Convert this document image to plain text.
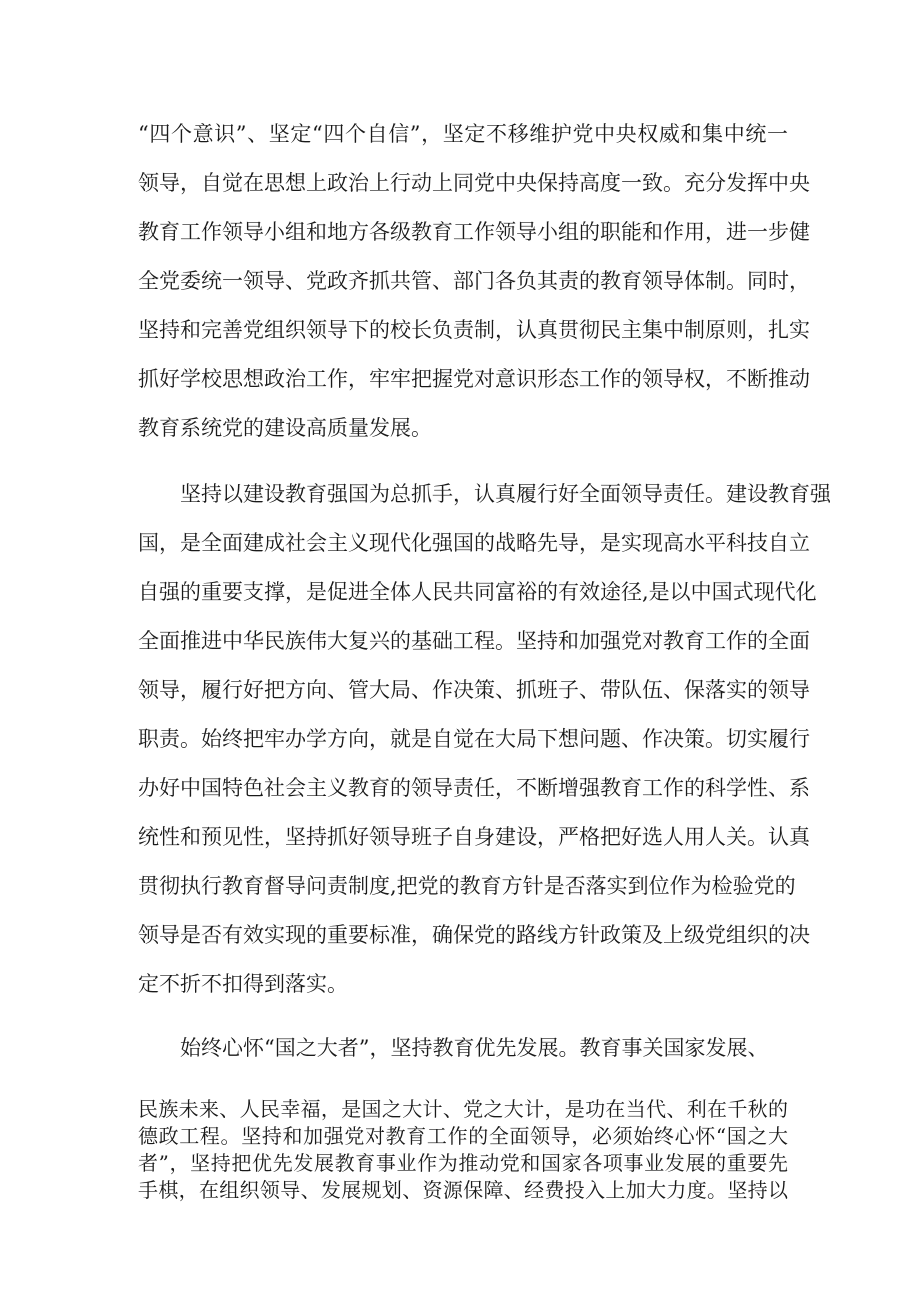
“四个意识”、坚定“四个自信”，坚定不移维护党中央权威和集中统一
领导，自觉在思想上政治上行动上同党中央保持高度一致。充分发挥中央
教育工作领导小组和地方各级教育工作领导小组的职能和作用，进一步健
全党委统一领导、党政齐抓共管、部门各负其责的教育领导体制。同时，
坚持和完善党组织领导下的校长负责制，认真贯彻民主集中制原则，扎实
抓好学校思想政治工作，牢牢把握党对意识形态工作的领导权，不断推动
教育系统党的建设高质量发展。
坚持以建设教育强国为总抓手，认真履行好全面领导责任。建设教育强
国，是全面建成社会主义现代化强国的战略先导，是实现高水平科技自立
自强的重要支撑，是促进全体人民共同富裕的有效途径,是以中国式现代化
全面推进中华民族伟大复兴的基础工程。坚持和加强党对教育工作的全面
领导，履行好把方向、管大局、作决策、抓班子、带队伍、保落实的领导
职责。始终把牢办学方向，就是自觉在大局下想问题、作决策。切实履行
办好中国特色社会主义教育的领导责任，不断增强教育工作的科学性、系
统性和预见性，坚持抓好领导班子自身建设，严格把好选人用人关。认真
贯彻执行教育督导问责制度,把党的教育方针是否落实到位作为检验党的
领导是否有效实现的重要标准，确保党的路线方针政策及上级党组织的决
定不折不扣得到落实。
始终心怀“国之大者”，坚持教育优先发展。教育事关国家发展、
民族未来、人民幸福，是国之大计、党之大计，是功在当代、利在千秋的
德政工程。坚持和加强党对教育工作的全面领导，必须始终心怀“国之大
者”，坚持把优先发展教育事业作为推动党和国家各项事业发展的重要先
手棋，在组织领导、发展规划、资源保障、经费投入上加大力度。坚持以
